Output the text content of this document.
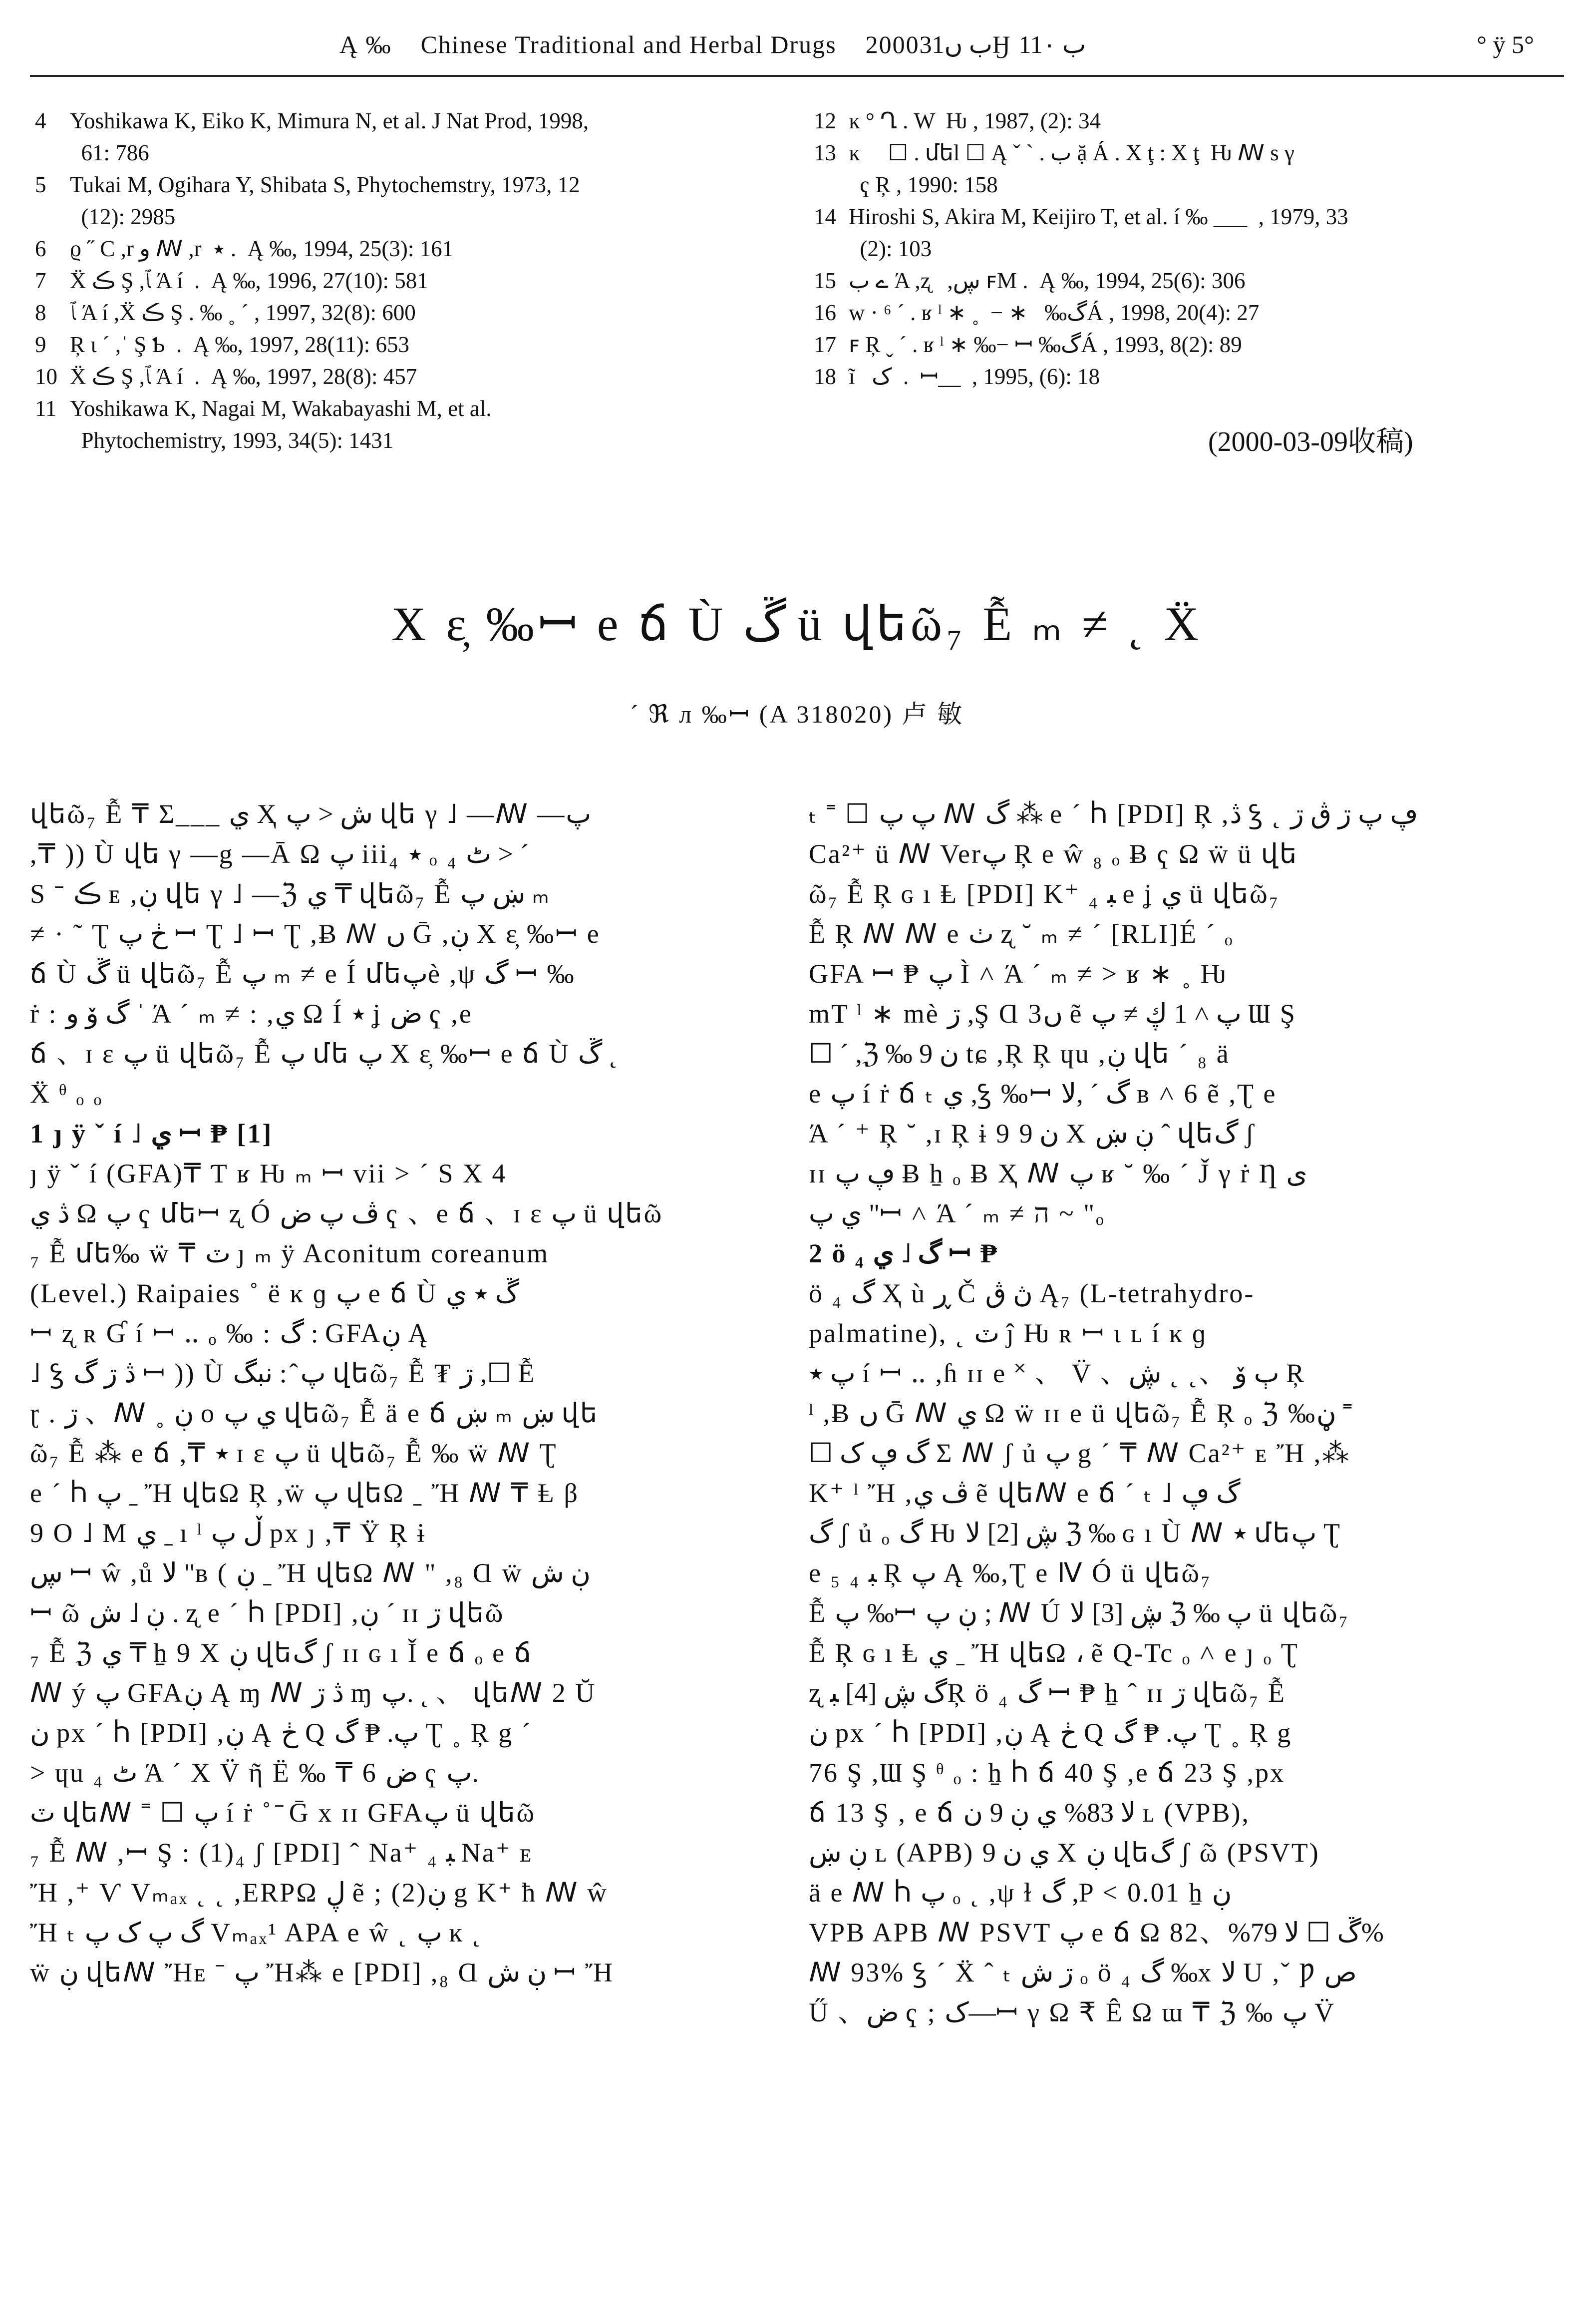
Ą ‰ Chinese Traditional and Herbal Drugs 2000ب ں31Ӈ ب 11۰	° ÿ 5°
4	Yoshikawa K, Eiko K, Mimura N, et al. J Nat Prod, 1998,
61: 786
5	Tukai M, Ogihara Y, Shibata S, Phytochemstry, 1973, 12
(12): 2985
6	ϱ ˝ C ,r و ꟿ ,r  ٭ .  Ą ‰, 1994, 25(3): 161
7	Ẍ ڪ Ş ,ﭑ Ά í  .  Ą ‰, 1996, 27(10): 581
8	ﭑ Ά í ,Ẍ ڪ Ş . ‰ ˳ ˊ , 1997, 32(8): 600
9	Ŗ ι ˊ ,ˈ Ş Ƅ  .  Ą ‰, 1997, 28(11): 653
10 Ẍ ڪ Ş ,ﭑ Ά í  .  Ą ‰, 1997, 28(8): 457
11 Yoshikawa K, Nagai M, Wakabayashi M, et al.
Phytochemistry, 1993, 34(5): 1431
12 ĸ ° Ղ . W  Ƕ , 1987, (2): 34
13 ĸ     ☐ . մեl ☐ Ą ˇ ˋ . ب ặ Á . Χ ţ : Χ ţ  Ƕ ꟿ s γ
ҁ Ŗ , 1990: 158
14 Hiroshi S, Akira M, Keijiro T, et al. í ‰ ___  , 1979, 33
(2): 103
15 ے ب Ά ,ʐ   ,ڛ ꜰM .  Ą ‰, 1994, 25(6): 306
16 w · ⁶ ˊ . ʁ ˡ ∗ ˳  − ∗   ‰گÁ , 1998, 20(4): 27
17 ꜰ Ŗ ˬ ˊ . ʁ ˡ ∗ ‰− ꟷ ‰گÁ , 1993, 8(2): 89
18 ĩ   ﮎ  .  ꟷ__  , 1995, (6): 18
(2000-03-09收稿)
Χ ε̦ ‰ꟷ e ճ Ù ڱ ü վեῶ₇ Ễ ₘ ≠ ˛ Ẍ
ˊ ℜ л ‰ꟷ (A 318020) 卢 敏
վեῶ₇ Ễ ₸ Σ___ ي Ҳ ﺵ < پ վե γ ˩ —ꟿ —پ
,₸ )) Ù վե γ —g —Ā Ω پ iii₄ ٭ ₒ ₄ ٹ ˃ ˊ
Ѕ ˉ ڪ ᴇ ,ڹ վե γ ˩ —ℨ ي ₸ վեῶ₇ Ễ ښ پ ₘ
≠ · ˜ Ʈ ڂ پ ꟷ Ʈ ˩ ꟷ Ʈ ,Ƀ ꟿ ں Ḡ ,ڹ Χ ε̦ ‰ꟷ e
ճ Ù ڱ ü վեῶ₇ Ễ پ ₘ ≠ e Í մեپè ,ψ گ ꟷ ‰
ṙ : گ ۆ و ˈ Ά ˊ ₘ ≠ : ,ي Ω Í ٭ ʝ ض ҁ ,e
ճ 、ɪ ɛ پ ü վեῶ₇ Ễ پ մե پ Χ ε̦ ‰ꟷ e ճ Ù ڱ ˛
Ẍ ᶿ ₒ ₒ
1 ȷ ÿ ˇ í ˩ ي ꟷ ₱ [1]
ȷ ÿ ˇ í (GFA)₸ Ƭ ʁ Ƕ ₘ ꟷ vii ˃ ˊ Ѕ Χ 4
ڎ ي Ω پ ҁ մեꟷ ʐ Ó ڤ پ ض ҁ 、e ճ 、ɪ ɛ پ ü վեῶ
₇ Ễ մե‰ ẅ ₸ ٽ ȷ ₘ ÿ Aconitum coreanum
(Level.) Raipaies ˚ ё ĸ ɡ پ e ճ Ù ڱ ٭ ي
ꟷ ʐ ʀ Ɠ í ꟷ ‥ ₒ ‰ : گ : GFAڹ Ą
˩ ꝣ ڎ ڗ گ ꟷ )) Ù پ ̂ : نبگ վեῶ₇ Ễ ₮ ڗ ,☐ Ễ
ɽ . ڗ 、ꟿ ˳ ڹ o ي پ վեῶ₇ Ễ ä e ճ ښ ₘ ښ վե
ῶ₇ Ễ ⁂ e ճ ,₸ ٭ ɪ ɛ پ ü վեῶ₇ Ễ ‰ ẅ ꟿ Ʈ
e ˊ Ⴙ پ ˍ Ἤ վեΩ Ŗ ,ẅ پ վեΩ ˍ Ἤ ꟿ ₸ Ⱡ β
9 O ˩ M ي ˍ ı ˡ ڵ پ px ȷ ,₸ Ÿ Ŗ ɨ
ڛ ꟷ ŵ ,ů ﻻ "ʙ ( ڹ ˍ Ἤ վեΩ ꟿ " ,₈ Ɑ ẅ ڹ ﺵ
ꟷ ῶ ڹ ˩ ﺵ . ʐ e ˊ Ⴙ [PDI] ,ڹ ˊ ɪɪ ڗ վեῶ
₇ Ễ ℨ ي ₸ ẖ 9 Χ ڹ վեگ ʃ ɪɪ ɢ ı Ǐ e ճ ₒ e ճ
ꟿ ý پ GFAڹ Ą ɱ ꟿ ڎ ڗ ɱ پ. ˛ 、 վեꟿ 2 Ŭ
ن px ˊ Ⴙ [PDI] ,ڹ Ą ڂ Q پ. ₱ گ Ʈ ˳ Ŗ g ˊ
> ɥu ₄ ٹ Ά ˊ Χ V̈ ῆ Ë ‰ ₸ 6 ض ҁ پ.
ٽ վեꟿ ˭ ☐ پ í ṙ ˚ ̄ Ḡ x ɪɪ GFAپ ü վեῶ
₇ Ễ ꟿ ,ꟷ Ş : (1)₄ ʃ [PDI] ˆ Na⁺ ₄ ﺒ Na⁺ ᴇ
Ἤ ,⁺ Ѵ Vₘₐₓ ˛ ˛ ,ERPΩ ڸ ẽ ; (2)ڹ g K⁺ ħ ꟿ ŵ
Ἤ ₜ گ پ ک پ Vₘₐₓ¹ APA e ŵ ˛ پ ĸ ˛
ẅ ڹ վեꟿ Ἤᴇ ˉ پ Ἤ⁂ e [PDI] ,₈ Ɑ ڹ ﺵ ꟷ Ἤ
ₜ ˭ ☐ پ پ ꟿ گ ⁂ e ˊ Ⴙ [PDI] Ŗ ,ڎ ꝣ ˛ ڥ پ ڗ ڨ ڗ
Ca²⁺ ü ꟿ Verپ Ŗ e ŵ ₈ ₒ Ƀ ҁ Ω ẅ ü վե
ῶ₇ Ễ Ŗ ɢ ı Ⱡ [PDI] K⁺ ₄ ﺒ e ʝ ي ü վեῶ₇
Ễ Ŗ ꟿ ꟿ e ٺ ʐ ˘ ₘ ≠ ˊ [RLI]É ˊ ₒ
GFA ꟷ ₱ پ Ì ˄ Ά ˊ ₘ ≠ ˃ ʁ ∗ ˳ Ƕ
mT ˡ ∗ mè ڗ ,Ş Ɑ 3ں ẽ پ ˄ 1 ڮ ≠ پ Ɯ Ş
☐ ˊ ,ℨ ‰ 9 ن tɕ ,Ŗ Ŗ ɥu ,ڹ վե ˊ ₈ ä
e پ í ṙ ճ ₜ ي ,ꝣ ‰ꟷ گ ˊ ,ﻻ ʙ ˄ 6 ẽ ,Ʈ e
Ά ˊ ⁺ Ŗ ˘ ,ɪ Ŗ ɨ 9 ن 9 Χ ڹ ښ ˆ վեگ ʃ
ɪɪ ڥ پ Ƀ ẖ ₒ Ƀ Ҳ ꟿ پ ʁ ˘ ‰ ˊ J̌ γ ṙ Ƞ ی
ي پ "ꟷ ˄ Ά ˊ ₘ ≠ ה ~ "ₒ
2 ö ₄ گ ˩ ي ꟷ ₱
ö ₄ گ Ҳ ù ڕ Č ڽ ڨ Ą₇ (L-tetrahydro-
palmatine), ˛ ٽ ĵ Ƕ ʀ ꟷ ɩ ʟ í ĸ ɡ
پ ٭ í ꟷ ‥ ,ɦ ɪɪ e ˟ 、 V̈ 、ٻ ۆ 、˛ ˛ ڜ Ŗ
ˡ ,Ƀ ں Ḡ ꟿ ي Ω ẅ ɪɪ e ü վեῶ₇ Ễ Ŗ ₒ ℨ ‰ڼ ˭
☐ گ ڥ ک Σ ꟿ ʃ ủ پ g ˊ ₸ ꟿ Ca²⁺ ᴇ Ἤ ,⁂
K⁺ ˡ Ἤ ,ڤ ي ẽ վեꟿ e ճ ˊ ₜ ˩ گ ڥ
گ ʃ ủ ₒ گ Ƕ ڜ [2] ﻻ ℨ ‰ ɢ ı Ù ꟿ ٭ մեپ Ʈ
e ₅ ₄ ﺒ Ŗ پ Ą ‰,Ʈ e Ⅳ Ó ü վեῶ₇
Ễ پ ‰ꟷ ڹ پ ; ꟿ Ú ڜ [3] ﻻ ℨ ‰ پ ü վեῶ₇
Ễ Ŗ ɢ ı Ⱡ ي ˍ Ἤ վեΩ ، ẽ Q-Tc ₒ ˄ e ȷ ₒ Ʈ
ʐ گ ڜ [4] ﺒŖ ö ₄ گ ꟷ ₱ ẖ ˆ ɪɪ ڗ վեῶ₇ Ễ
ن px ˊ Ⴙ [PDI] ,ڹ Ą ڂ Q پ. ₱ گ Ʈ ˳ Ŗ g
76 Ş ,Ɯ Ş ᶿ ₒ : ẖ Ⴙ ճ 40 Ş ,e ճ 23 Ş ,px
ճ 13 Ş , e ճ ﻻ 83% ي ڹ 9 ن ʟ (VPB),
ڹ ښ ʟ (APB) ي ن 9 Χ ڹ վեگ ʃ ῶ (PSVT)
ä e ꟿ Ⴙ پ ₒ ˛ ,ψ ɫ گ ,P < 0.01 ẖ ڹ
VPB APB ꟿ PSVT پ e ճ Ω ڱ ☐ ﻻ 79%、82%
ꟿ 93% ꝣ ˊ Ẍ ˆ ₜ ڗ ﺵ ₒ ö ₄ گ ‰x ﻻ U ,ˇ Ƿ ص
Ű 、ض ҁ ; ک—ꟷ γ Ω ₹ Ê Ω ɯ ₸ ℨ ‰ پ V̈
